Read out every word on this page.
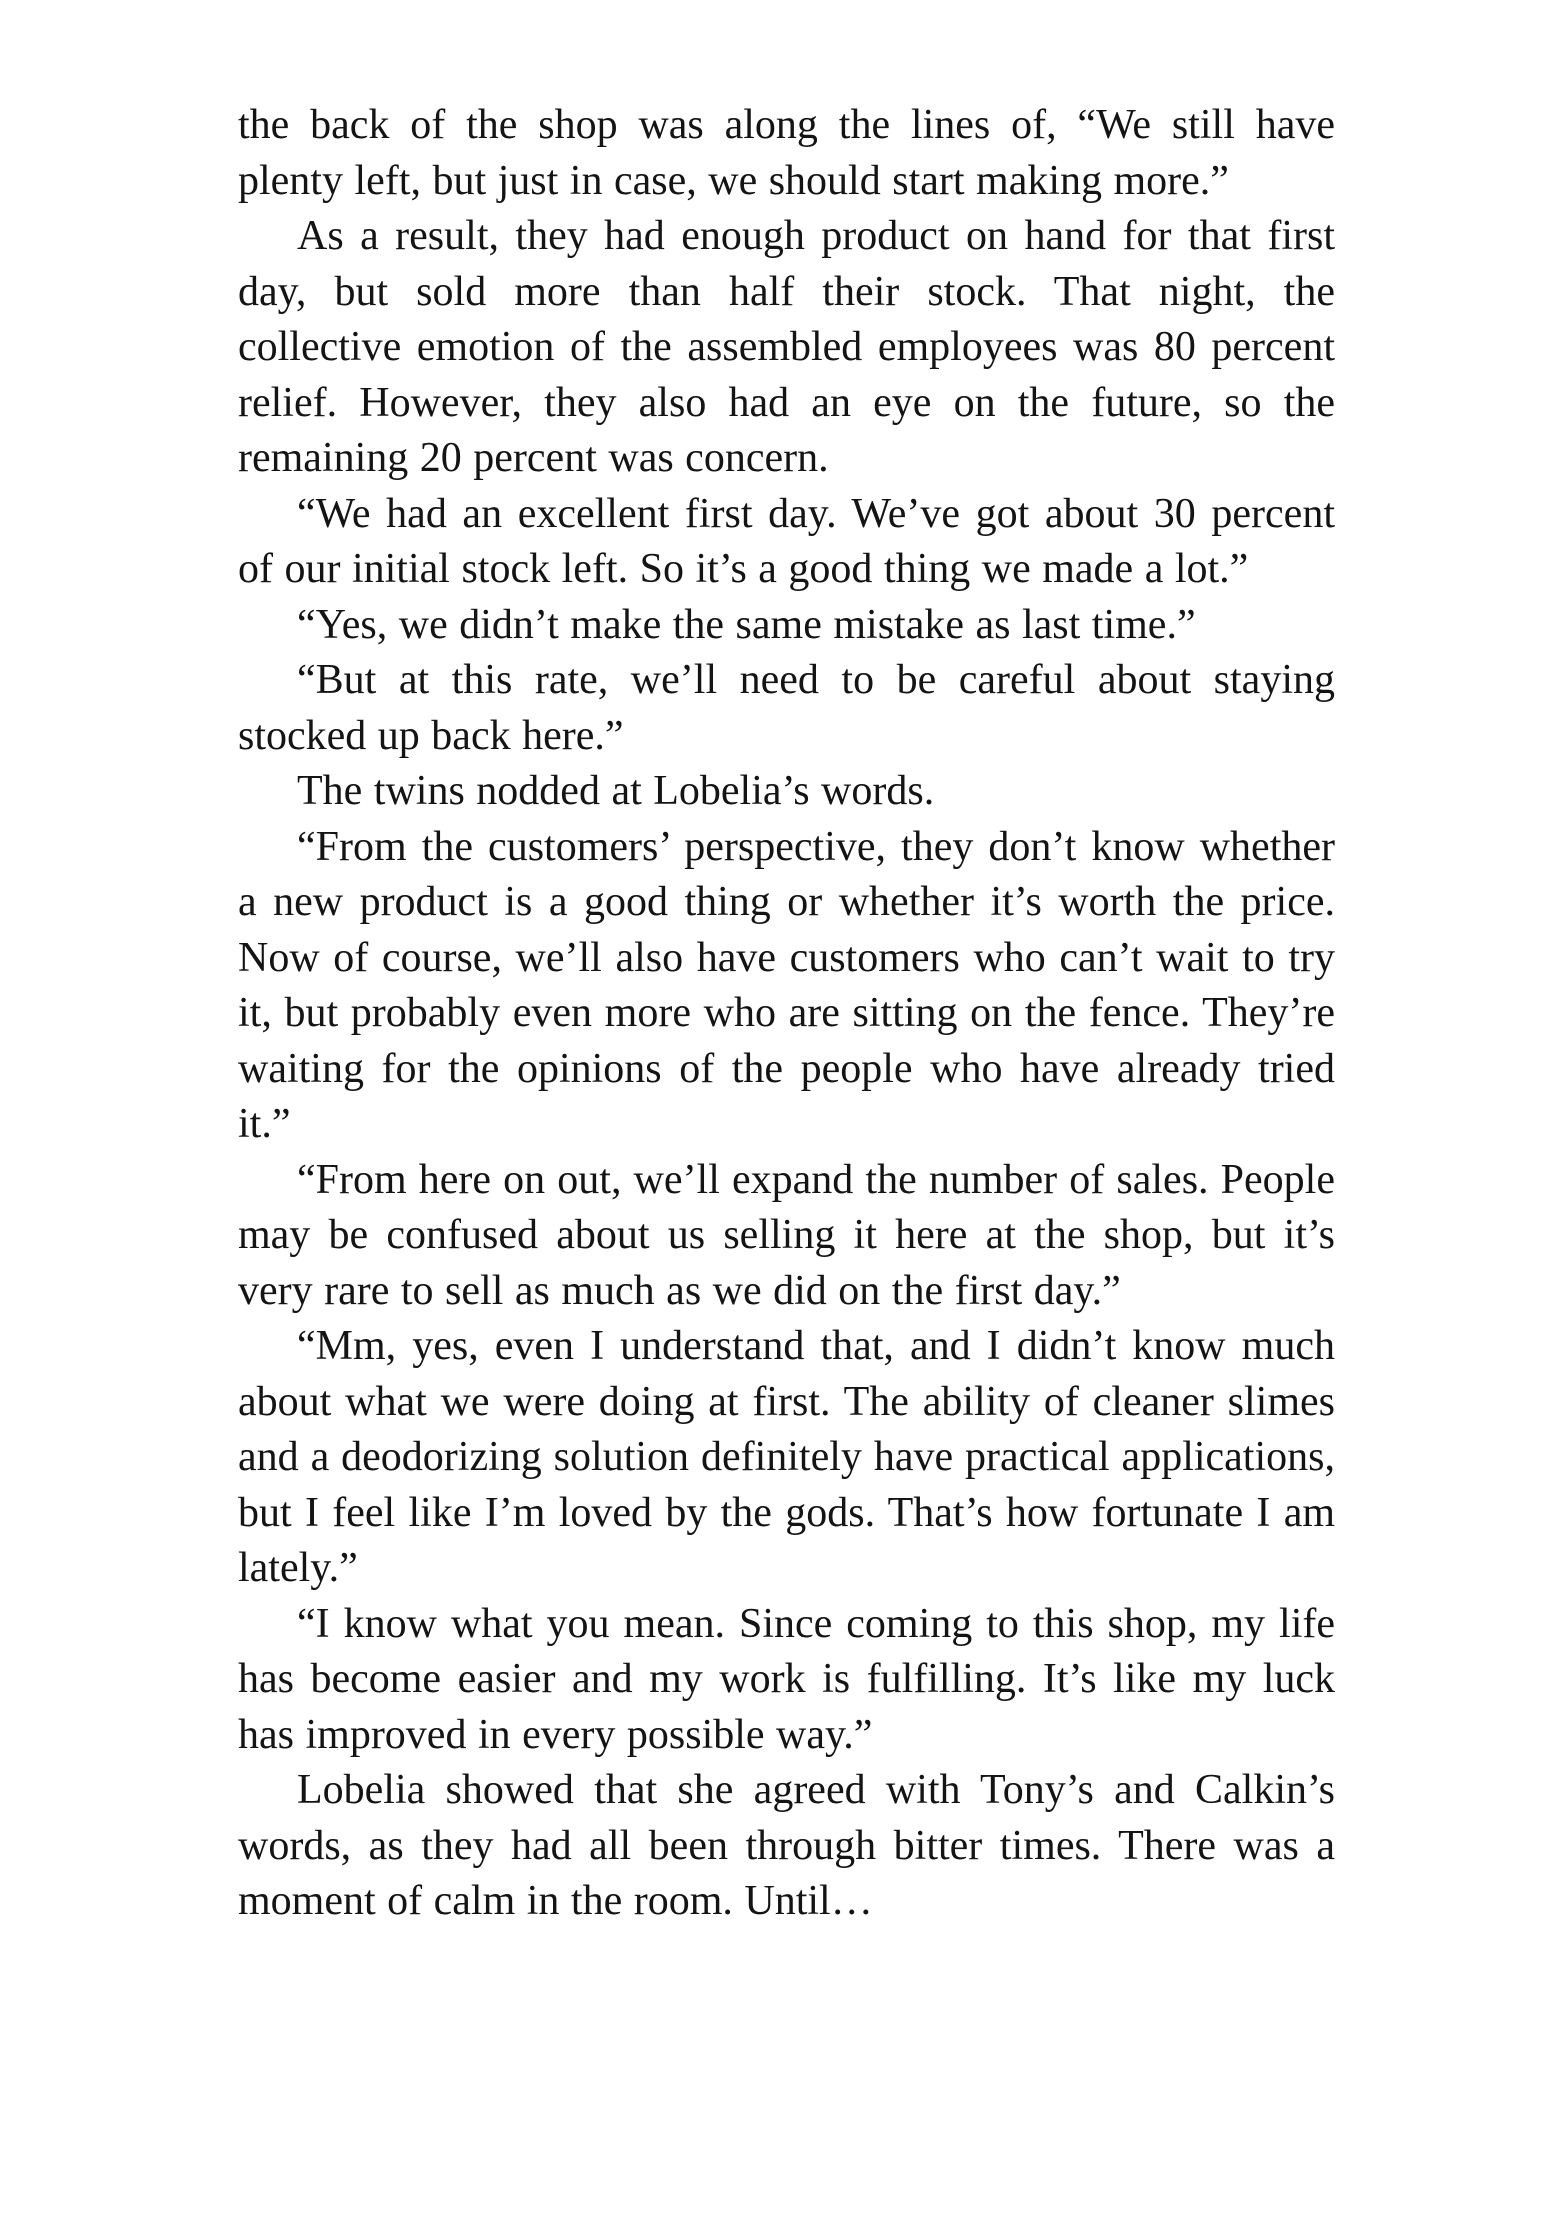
the back of the shop was along the lines of, “We still have plenty left, but just in case, we should start making more.”

As a result, they had enough product on hand for that first day, but sold more than half their stock. That night, the collective emotion of the assembled employees was 80 percent relief. However, they also had an eye on the future, so the remaining 20 percent was concern.

“We had an excellent first day. We’ve got about 30 percent of our initial stock left. So it’s a good thing we made a lot.”

“Yes, we didn’t make the same mistake as last time.”

“But at this rate, we’ll need to be careful about staying stocked up back here.”

The twins nodded at Lobelia’s words.

“From the customers’ perspective, they don’t know whether a new product is a good thing or whether it’s worth the price. Now of course, we’ll also have customers who can’t wait to try it, but probably even more who are sitting on the fence. They’re waiting for the opinions of the people who have already tried it.”

“From here on out, we’ll expand the number of sales. People may be confused about us selling it here at the shop, but it’s very rare to sell as much as we did on the first day.”

“Mm, yes, even I understand that, and I didn’t know much about what we were doing at first. The ability of cleaner slimes and a deodorizing solution definitely have practical applications, but I feel like I’m loved by the gods. That’s how fortunate I am lately.”

“I know what you mean. Since coming to this shop, my life has become easier and my work is fulfilling. It’s like my luck has improved in every possible way.”

Lobelia showed that she agreed with Tony’s and Calkin’s words, as they had all been through bitter times. There was a moment of calm in the room. Until…
